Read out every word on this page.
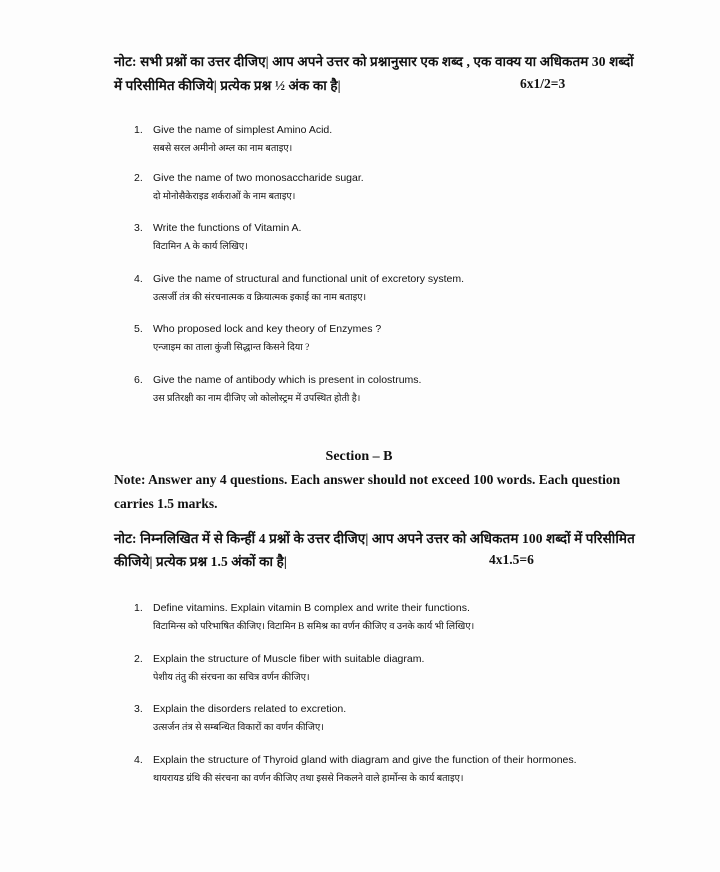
नोट: सभी प्रश्नों का उत्तर दीजिए| आप अपने उत्तर को प्रश्नानुसार एक शब्द , एक वाक्य या अधिकतम 30 शब्दों
में परिसीमित कीजिये| प्रत्येक प्रश्न ½ अंक का है|	6x1/2=3
1. Give the name of simplest Amino Acid.
सबसे सरल अमीनो अम्ल का नाम बताइए।
2. Give the name of two monosaccharide sugar.
दो मोनोसैकेराइड शर्कराओं के नाम बताइए।
3. Write the functions of Vitamin A.
विटामिन A के कार्य लिखिए।
4. Give the name of structural and functional unit of excretory system.
उत्सर्जी तंत्र की संरचनात्मक व क्रियात्मक इकाई का नाम बताइए।
5. Who proposed lock and key theory of Enzymes ?
एन्जाइम का ताला कुंजी सिद्धान्त किसने दिया ?
6. Give the name of antibody which is present in colostrums.
उस प्रतिरक्षी का नाम दीजिए जो कोलोस्ट्रम में उपस्थित होती है।
Section – B
Note: Answer any 4 questions. Each answer should not exceed 100 words. Each question
carries 1.5 marks.
नोट: निम्नलिखित में से किन्हीं 4 प्रश्नों के उत्तर दीजिए| आप अपने उत्तर को अधिकतम 100 शब्दों में परिसीमित
कीजिये| प्रत्येक प्रश्न 1.5 अंकों का है|	4x1.5=6
1. Define vitamins. Explain vitamin B complex and write their functions.
विटामिन्स को परिभाषित कीजिए। विटामिन B समिश्र का वर्णन कीजिए व उनके कार्य भी लिखिए।
2. Explain the structure of Muscle fiber with suitable diagram.
पेशीय तंतु की संरचना का सचित्र वर्णन कीजिए।
3. Explain the disorders related to excretion.
उत्सर्जन तंत्र से सम्बन्धित विकारों का वर्णन कीजिए।
4. Explain the structure of Thyroid gland with diagram and give the function of their hormones.
थायरायड ग्रंथि की संरचना का वर्णन कीजिए तथा इससे निकलने वाले हार्मोन्स के कार्य बताइए।
